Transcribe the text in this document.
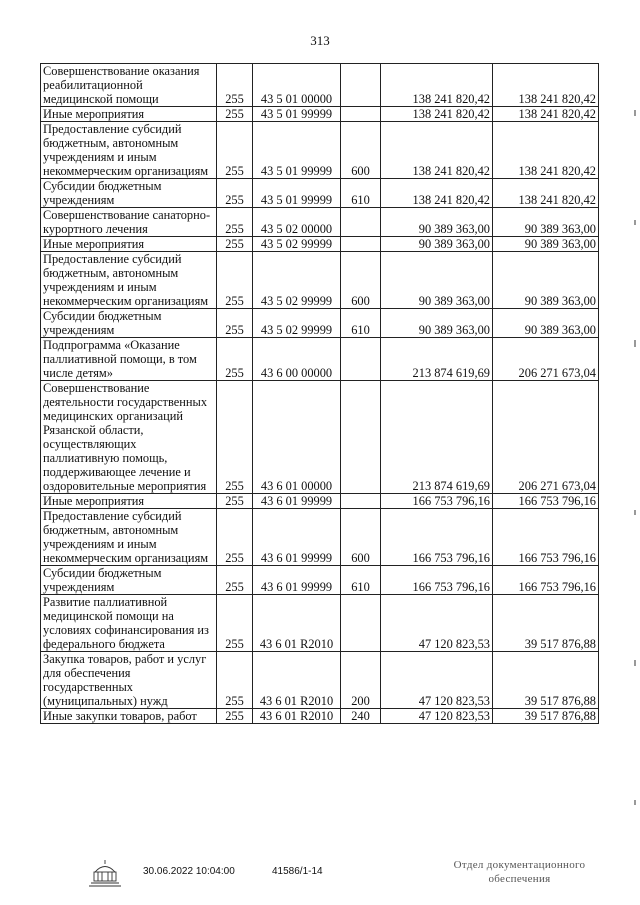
313
Совершенствование оказания реабилитационной медицинской помощи	255	43 5 01 00000		138 241 820,42	138 241 820,42
Иные мероприятия	255	43 5 01 99999		138 241 820,42	138 241 820,42
Предоставление субсидий бюджетным, автономным учреждениям и иным некоммерческим организациям	255	43 5 01 99999	600	138 241 820,42	138 241 820,42
Субсидии бюджетным учреждениям	255	43 5 01 99999	610	138 241 820,42	138 241 820,42
Совершенствование санаторно-курортного лечения	255	43 5 02 00000		90 389 363,00	90 389 363,00
Иные мероприятия	255	43 5 02 99999		90 389 363,00	90 389 363,00
Предоставление субсидий бюджетным, автономным учреждениям и иным некоммерческим организациям	255	43 5 02 99999	600	90 389 363,00	90 389 363,00
Субсидии бюджетным учреждениям	255	43 5 02 99999	610	90 389 363,00	90 389 363,00
Подпрограмма «Оказание паллиативной помощи, в том числе детям»	255	43 6 00 00000		213 874 619,69	206 271 673,04
Совершенствование деятельности государственных медицинских организаций Рязанской области, осуществляющих паллиативную помощь, поддерживающее лечение и оздоровительные мероприятия	255	43 6 01 00000		213 874 619,69	206 271 673,04
Иные мероприятия	255	43 6 01 99999		166 753 796,16	166 753 796,16
Предоставление субсидий бюджетным, автономным учреждениям и иным некоммерческим организациям	255	43 6 01 99999	600	166 753 796,16	166 753 796,16
Субсидии бюджетным учреждениям	255	43 6 01 99999	610	166 753 796,16	166 753 796,16
Развитие паллиативной медицинской помощи на условиях софинансирования из федерального бюджета	255	43 6 01 R2010		47 120 823,53	39 517 876,88
Закупка товаров, работ и услуг для обеспечения государственных (муниципальных) нужд	255	43 6 01 R2010	200	47 120 823,53	39 517 876,88
Иные закупки товаров, работ	255	43 6 01 R2010	240	47 120 823,53	39 517 876,88
30.06.2022 10:04:00	41586/1-14
Отдел документационного
обеспечения
